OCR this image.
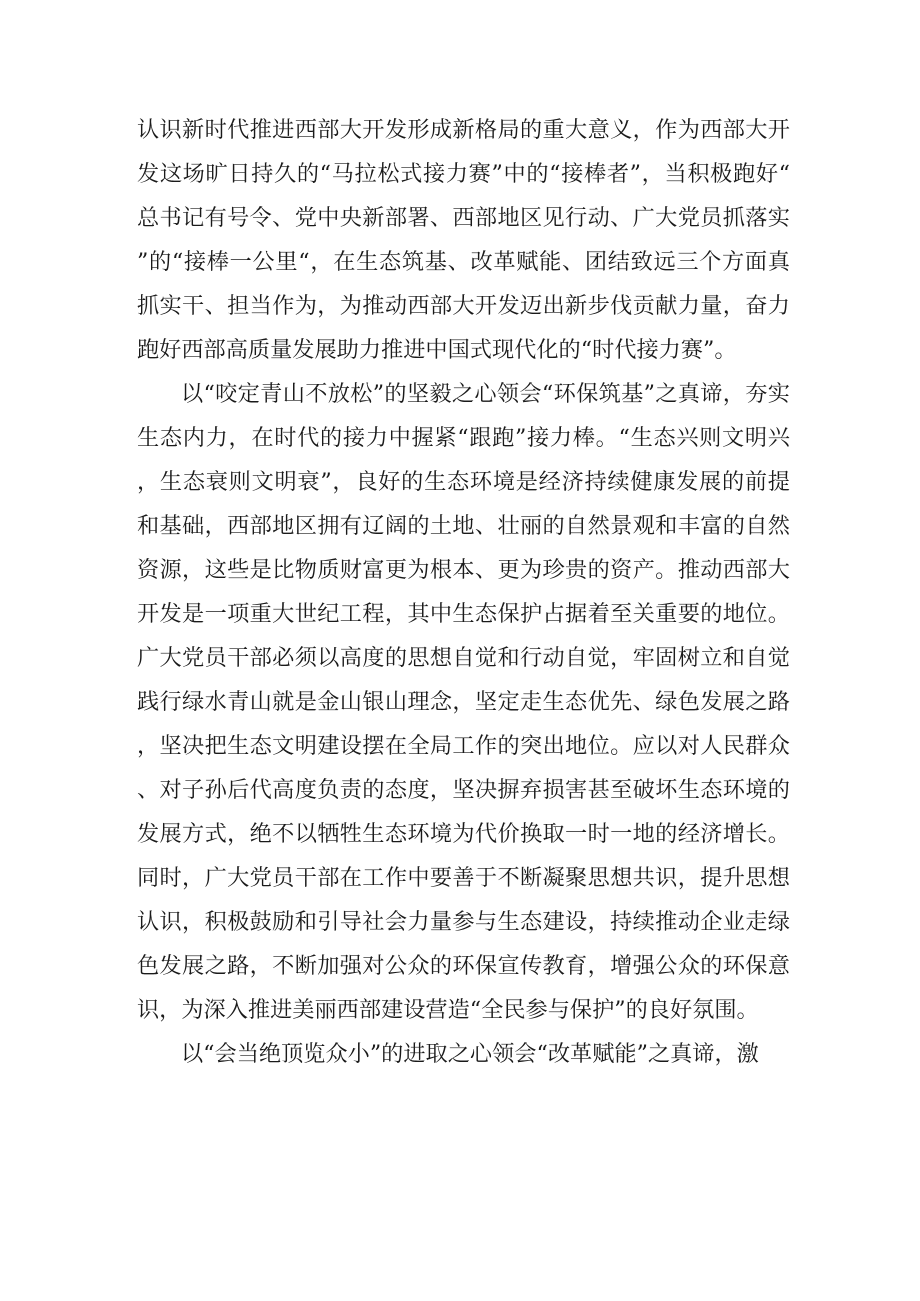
认识新时代推进西部大开发形成新格局的重大意义，作为西部大开发这场旷日持久的“马拉松式接力赛”中的“接棒者”，当积极跑好“总书记有号令、党中央新部署、西部地区见行动、广大党员抓落实”的“接棒一公里“，在生态筑基、改革赋能、团结致远三个方面真抓实干、担当作为，为推动西部大开发迈出新步伐贡献力量，奋力跑好西部高质量发展助力推进中国式现代化的“时代接力赛”。

以“咬定青山不放松”的坚毅之心领会“环保筑基”之真谛，夯实生态内力，在时代的接力中握紧“跟跑”接力棒。“生态兴则文明兴，生态衰则文明衰”，良好的生态环境是经济持续健康发展的前提和基础，西部地区拥有辽阔的土地、壮丽的自然景观和丰富的自然资源，这些是比物质财富更为根本、更为珍贵的资产。推动西部大开发是一项重大世纪工程，其中生态保护占据着至关重要的地位。广大党员干部必须以高度的思想自觉和行动自觉，牢固树立和自觉践行绿水青山就是金山银山理念，坚定走生态优先、绿色发展之路，坚决把生态文明建设摆在全局工作的突出地位。应以对人民群众、对子孙后代高度负责的态度，坚决摒弃损害甚至破坏生态环境的发展方式，绝不以牺牲生态环境为代价换取一时一地的经济增长。同时，广大党员干部在工作中要善于不断凝聚思想共识，提升思想认识，积极鼓励和引导社会力量参与生态建设，持续推动企业走绿色发展之路，不断加强对公众的环保宣传教育，增强公众的环保意识，为深入推进美丽西部建设营造“全民参与保护”的良好氛围。

以“会当绝顶览众小”的进取之心领会“改革赋能”之真谛，激
